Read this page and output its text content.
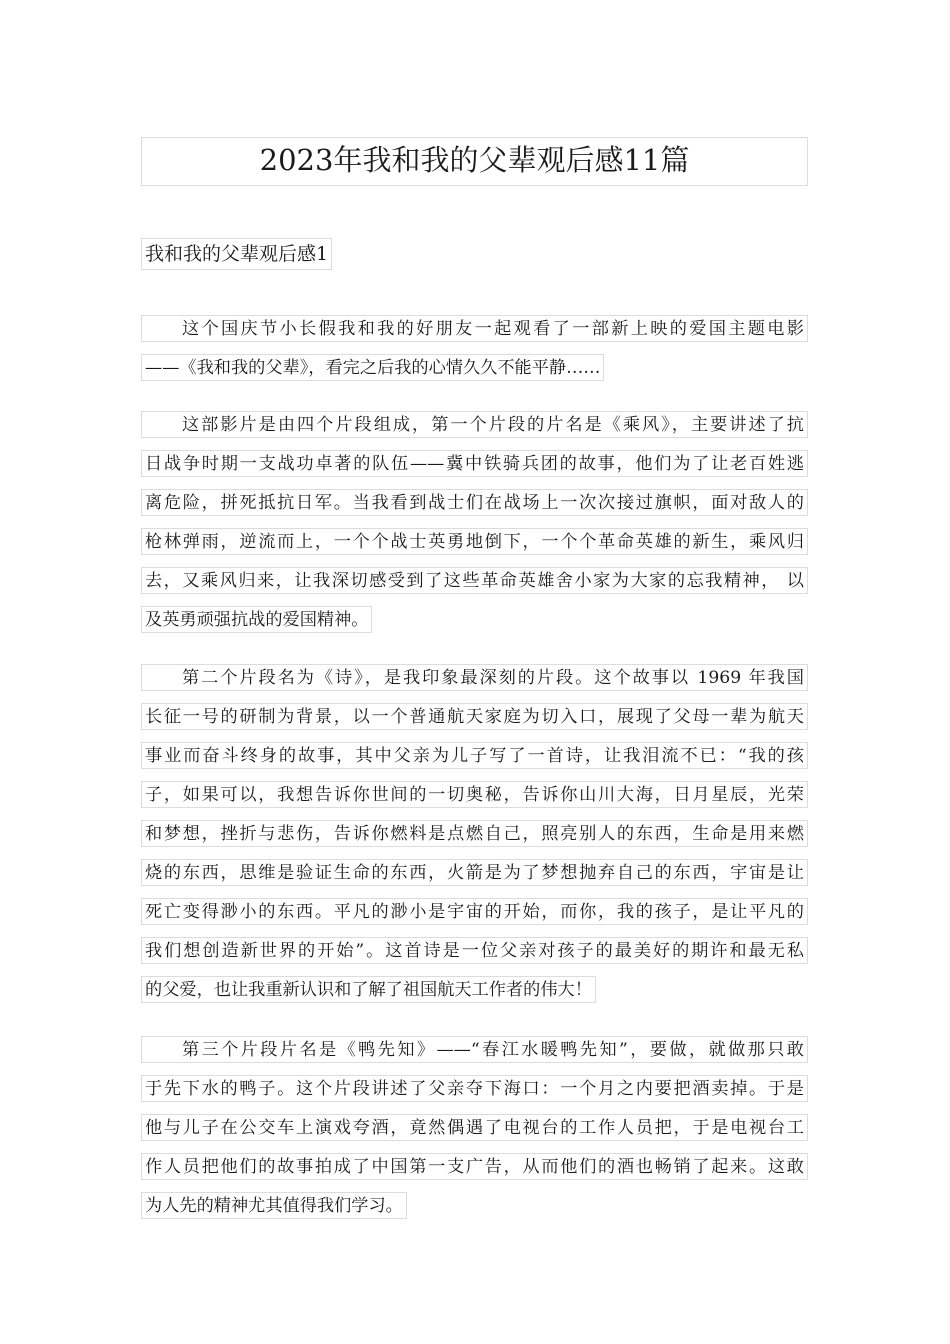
2023年我和我的父辈观后感11篇
我和我的父辈观后感1
这个国庆节小长假我和我的好朋友一起观看了一部新上映的爱国主题电影
——《我和我的父辈》，看完之后我的心情久久不能平静……
这部影片是由四个片段组成，第一个片段的片名是《乘风》，主要讲述了抗
日战争时期一支战功卓著的队伍——冀中铁骑兵团的故事，他们为了让老百姓逃
离危险，拼死抵抗日军。当我看到战士们在战场上一次次接过旗帜，面对敌人的
枪林弹雨，逆流而上，一个个战士英勇地倒下，一个个革命英雄的新生，乘风归
去，又乘风归来，让我深切感受到了这些革命英雄舍小家为大家的忘我精神， 以
及英勇顽强抗战的爱国精神。
第二个片段名为《诗》，是我印象最深刻的片段。这个故事以 1969 年我国
长征一号的研制为背景，以一个普通航天家庭为切入口，展现了父母一辈为航天
事业而奋斗终身的故事，其中父亲为儿子写了一首诗，让我泪流不已：“我的孩
子，如果可以，我想告诉你世间的一切奥秘，告诉你山川大海，日月星辰，光荣
和梦想，挫折与悲伤，告诉你燃料是点燃自己，照亮别人的东西，生命是用来燃
烧的东西，思维是验证生命的东西，火箭是为了梦想抛弃自己的东西，宇宙是让
死亡变得渺小的东西。平凡的渺小是宇宙的开始，而你，我的孩子，是让平凡的
我们想创造新世界的开始”。这首诗是一位父亲对孩子的最美好的期许和最无私
的父爱，也让我重新认识和了解了祖国航天工作者的伟大！
第三个片段片名是《鸭先知》——“春江水暖鸭先知”，要做，就做那只敢
于先下水的鸭子。这个片段讲述了父亲夺下海口：一个月之内要把酒卖掉。于是
他与儿子在公交车上演戏夸酒，竟然偶遇了电视台的工作人员把，于是电视台工
作人员把他们的故事拍成了中国第一支广告，从而他们的酒也畅销了起来。这敢
为人先的精神尤其值得我们学习。
